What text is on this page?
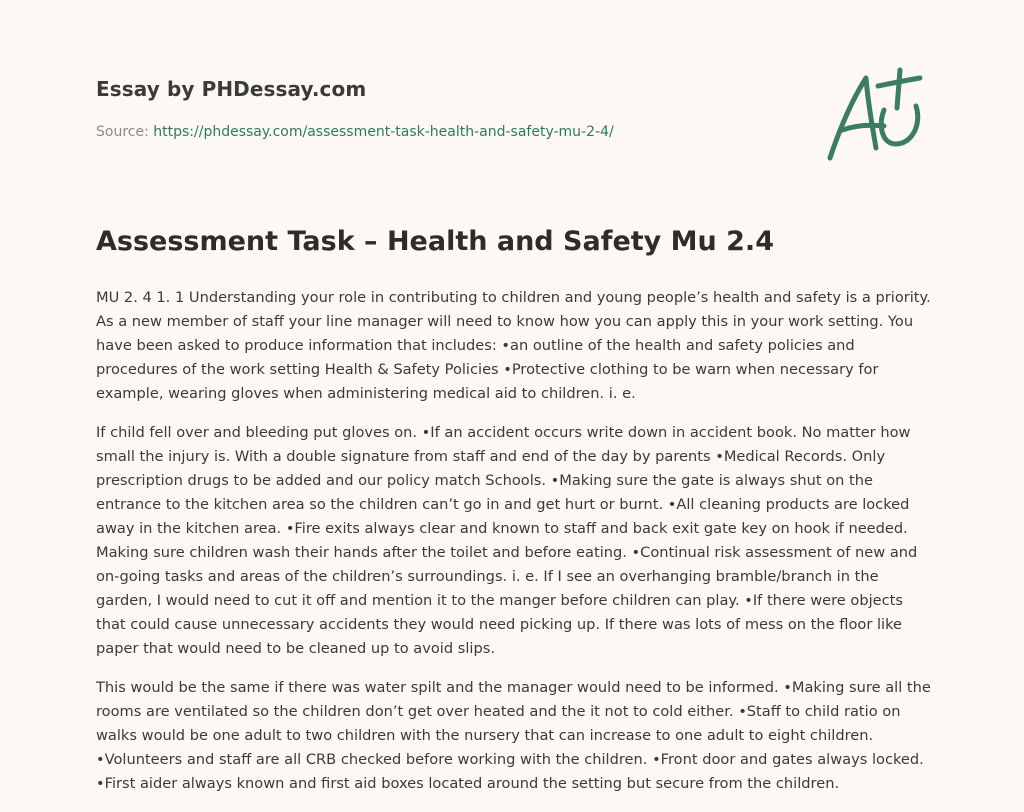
Essay by PHDessay.com
Source: https://phdessay.com/assessment-task-health-and-safety-mu-2-4/
Assessment Task – Health and Safety Mu 2.4

MU 2. 4 1. 1 Understanding your role in contributing to children and young people’s health and safety is a priority. As a new member of staff your line manager will need to know how you can apply this in your work setting. You have been asked to produce information that includes: •an outline of the health and safety policies and procedures of the work setting Health & Safety Policies •Protective clothing to be warn when necessary for example, wearing gloves when administering medical aid to children. i. e.

If child fell over and bleeding put gloves on. •If an accident occurs write down in accident book. No matter how small the injury is. With a double signature from staff and end of the day by parents •Medical Records. Only prescription drugs to be added and our policy match Schools. •Making sure the gate is always shut on the entrance to the kitchen area so the children can’t go in and get hurt or burnt. •All cleaning products are locked away in the kitchen area. •Fire exits always clear and known to staff and back exit gate key on hook if needed. Making sure children wash their hands after the toilet and before eating. •Continual risk assessment of new and on-going tasks and areas of the children’s surroundings. i. e. If I see an overhanging bramble/branch in the garden, I would need to cut it off and mention it to the manger before children can play. •If there were objects that could cause unnecessary accidents they would need picking up. If there was lots of mess on the floor like paper that would need to be cleaned up to avoid slips.

This would be the same if there was water spilt and the manager would need to be informed. •Making sure all the rooms are ventilated so the children don’t get over heated and the it not to cold either. •Staff to child ratio on walks would be one adult to two children with the nursery that can increase to one adult to eight children. •Volunteers and staff are all CRB checked before working with the children. •Front door and gates always locked. •First aider always known and first aid boxes located around the setting but secure from the children.
